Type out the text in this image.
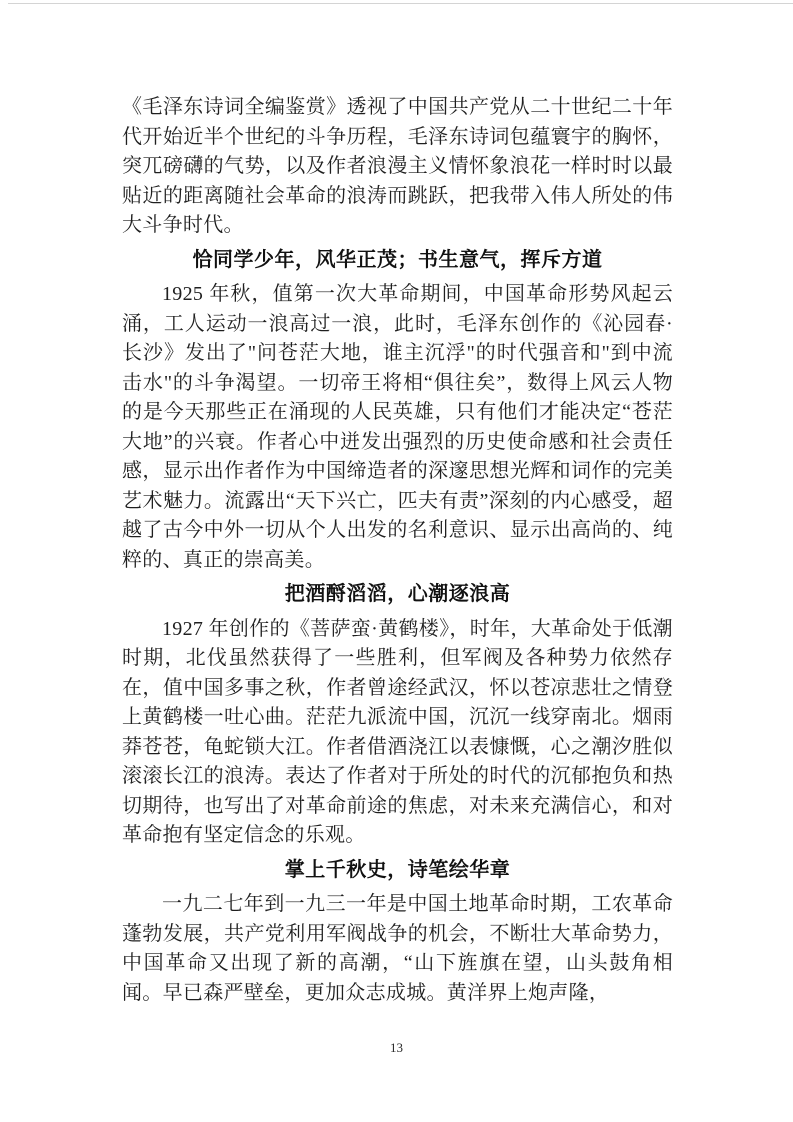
《毛泽东诗词全编鉴赏》透视了中国共产党从二十世纪二十年代开始近半个世纪的斗争历程，毛泽东诗词包蕴寰宇的胸怀，突兀磅礴的气势，以及作者浪漫主义情怀象浪花一样时时以最贴近的距离随社会革命的浪涛而跳跃，把我带入伟人所处的伟大斗争时代。

恰同学少年，风华正茂；书生意气，挥斥方道

1925 年秋，值第一次大革命期间，中国革命形势风起云涌，工人运动一浪高过一浪，此时，毛泽东创作的《沁园春·长沙》发出了"问苍茫大地，谁主沉浮"的时代强音和"到中流击水"的斗争渴望。一切帝王将相“俱往矣”，数得上风云人物的是今天那些正在涌现的人民英雄，只有他们才能决定“苍茫大地”的兴衰。作者心中迸发出强烈的历史使命感和社会责任感，显示出作者作为中国缔造者的深邃思想光辉和词作的完美艺术魅力。流露出“天下兴亡，匹夫有责”深刻的内心感受，超越了古今中外一切从个人出发的名利意识、显示出高尚的、纯粹的、真正的崇高美。

把酒酹滔滔，心潮逐浪高

1927 年创作的《菩萨蛮·黄鹤楼》，时年，大革命处于低潮时期，北伐虽然获得了一些胜利，但军阀及各种势力依然存在，值中国多事之秋，作者曾途经武汉，怀以苍凉悲壮之情登上黄鹤楼一吐心曲。茫茫九派流中国，沉沉一线穿南北。烟雨莽苍苍，龟蛇锁大江。作者借酒浇江以表慷慨，心之潮汐胜似滚滚长江的浪涛。表达了作者对于所处的时代的沉郁抱负和热切期待，也写出了对革命前途的焦虑，对未来充满信心，和对革命抱有坚定信念的乐观。

掌上千秋史，诗笔绘华章

一九二七年到一九三一年是中国土地革命时期，工农革命蓬勃发展，共产党利用军阀战争的机会，不断壮大革命势力，中国革命又出现了新的高潮，“山下旌旗在望，山头鼓角相闻。早已森严壁垒，更加众志成城。黄洋界上炮声隆，

13
